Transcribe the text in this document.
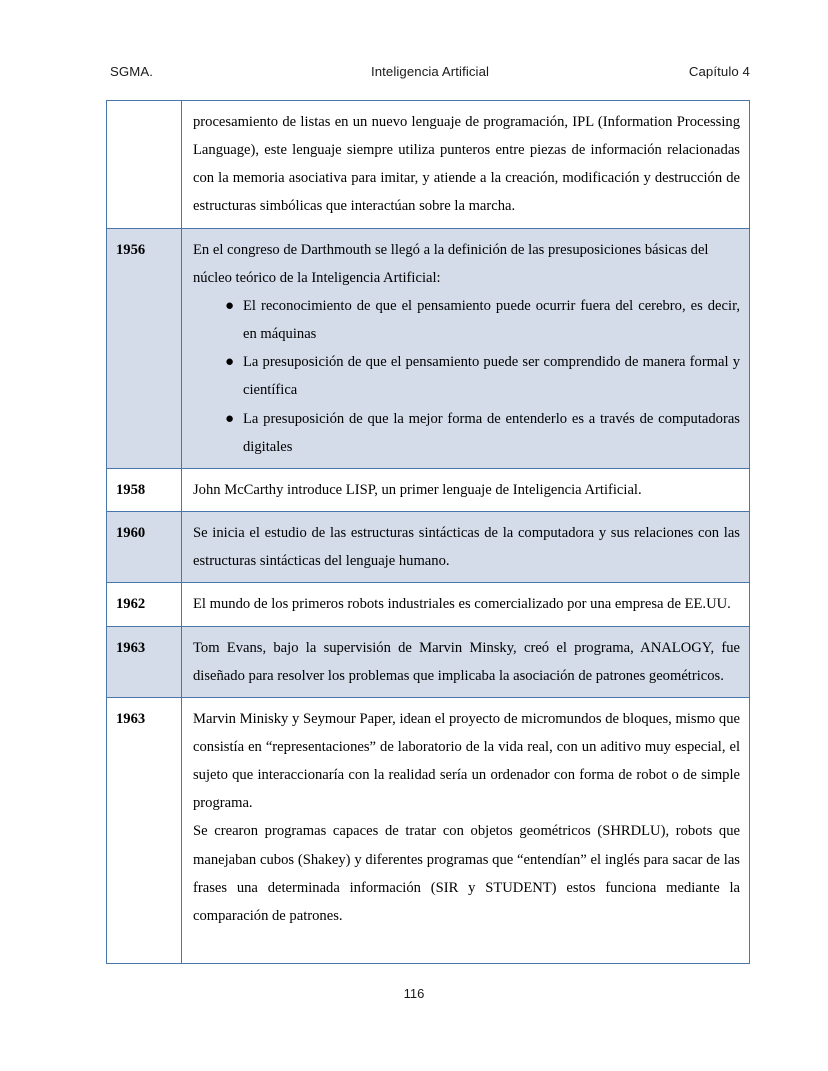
SGMA.	Inteligencia Artificial	Capítulo 4

	procesamiento de listas en un nuevo lenguaje de programación, IPL (Information Processing Language), este lenguaje siempre utiliza punteros entre piezas de información relacionadas con la memoria asociativa para imitar, y atiende a la creación, modificación y destrucción de estructuras simbólicas que interactúan sobre la marcha.

1956	En el congreso de Darthmouth se llegó a la definición de las presuposiciones básicas del núcleo teórico de la Inteligencia Artificial:

● El reconocimiento de que el pensamiento puede ocurrir fuera del cerebro, es decir, en máquinas
● La presuposición de que el pensamiento puede ser comprendido de manera formal y científica
● La presuposición de que la mejor forma de entenderlo es a través de computadoras digitales

1958	John McCarthy introduce LISP, un primer lenguaje de Inteligencia Artificial.

1960	Se inicia el estudio de las estructuras sintácticas de la computadora y sus relaciones con las estructuras sintácticas del lenguaje humano.

1962	El mundo de los primeros robots industriales es comercializado por una empresa de EE.UU.

1963	Tom Evans, bajo la supervisión de Marvin Minsky, creó el programa, ANALOGY, fue diseñado para resolver los problemas que implicaba la asociación de patrones geométricos.

1963	Marvin Minisky y Seymour Paper, idean el proyecto de micromundos de bloques, mismo que consistía en “representaciones” de laboratorio de la vida real, con un aditivo muy especial, el sujeto que interaccionaría con la realidad sería un ordenador con forma de robot o de simple programa.

Se crearon programas capaces de tratar con objetos geométricos (SHRDLU), robots que manejaban cubos (Shakey) y diferentes programas que “entendían” el inglés para sacar de las frases una determinada información (SIR y STUDENT) estos funciona mediante la comparación de patrones.

116
